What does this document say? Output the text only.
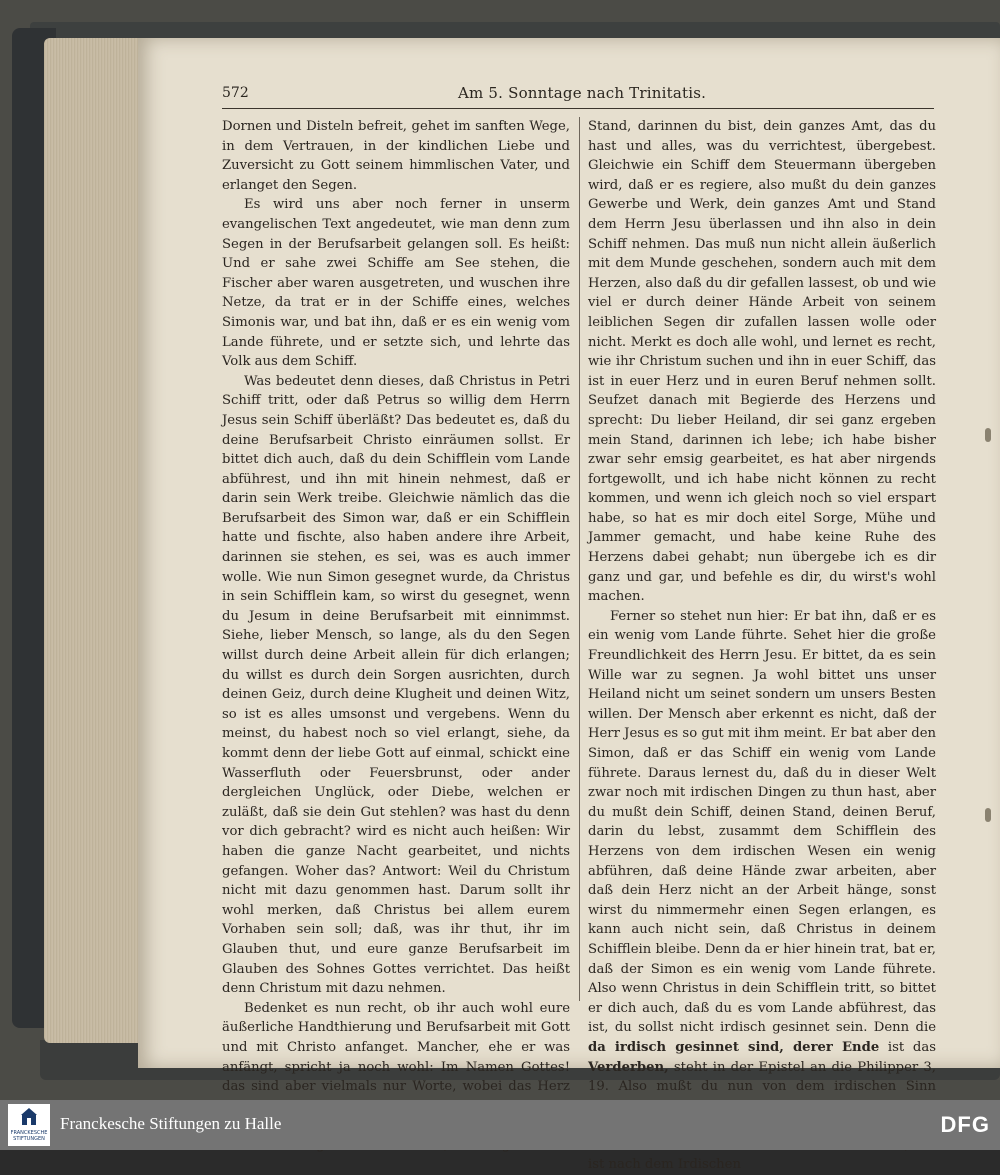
572	Am 5. Sonntage nach Trinitatis.

Dornen und Disteln befreit, gehet im sanften Wege, in dem Vertrauen, in der kindlichen Liebe und Zuversicht zu Gott seinem himmlischen Vater, und erlanget den Segen.

Es wird uns aber noch ferner in unserm evangelischen Text angedeutet, wie man denn zum Segen in der Berufsarbeit gelangen soll. Es heißt: Und er sahe zwei Schiffe am See stehen, die Fischer aber waren ausgetreten, und wuschen ihre Netze, da trat er in der Schiffe eines, welches Simonis war, und bat ihn, daß er es ein wenig vom Lande führete, und er setzte sich, und lehrte das Volk aus dem Schiff.

Was bedeutet denn dieses, daß Christus in Petri Schiff tritt, oder daß Petrus so willig dem Herrn Jesus sein Schiff überläßt? Das bedeutet es, daß du deine Berufsarbeit Christo einräumen sollst. Er bittet dich auch, daß du dein Schifflein vom Lande abführest, und ihn mit hinein nehmest, daß er darin sein Werk treibe. Gleichwie nämlich das die Berufsarbeit des Simon war, daß er ein Schifflein hatte und fischte, also haben andere ihre Arbeit, darinnen sie stehen, es sei, was es auch immer wolle. Wie nun Simon gesegnet wurde, da Christus in sein Schifflein kam, so wirst du gesegnet, wenn du Jesum in deine Berufsarbeit mit einnimmst. Siehe, lieber Mensch, so lange, als du den Segen willst durch deine Arbeit allein für dich erlangen; du willst es durch dein Sorgen ausrichten, durch deinen Geiz, durch deine Klugheit und deinen Witz, so ist es alles umsonst und vergebens. Wenn du meinst, du habest noch so viel erlangt, siehe, da kommt denn der liebe Gott auf einmal, schickt eine Wasserfluth oder Feuersbrunst, oder ander dergleichen Unglück, oder Diebe, welchen er zuläßt, daß sie dein Gut stehlen? was hast du denn vor dich gebracht? wird es nicht auch heißen: Wir haben die ganze Nacht gearbeitet, und nichts gefangen. Woher das? Antwort: Weil du Christum nicht mit dazu genommen hast. Darum sollt ihr wohl merken, daß Christus bei allem eurem Vorhaben sein soll; daß, was ihr thut, ihr im Glauben thut, und eure ganze Berufsarbeit im Glauben des Sohnes Gottes verrichtet. Das heißt denn Christum mit dazu nehmen.

Bedenket es nun recht, ob ihr auch wohl eure äußerliche Handthierung und Berufsarbeit mit Gott und mit Christo anfanget. Mancher, ehe er was anfängt, spricht ja noch wohl: Im Namen Gottes! das sind aber vielmals nur Worte, wobei das Herz

Stand, darinnen du bist, dein ganzes Amt, das du hast und alles, was du verrichtest, übergebest. Gleichwie ein Schiff dem Steuermann übergeben wird, daß er es regiere, also mußt du dein ganzes Gewerbe und Werk, dein ganzes Amt und Stand dem Herrn Jesu überlassen und ihn also in dein Schiff nehmen. Das muß nun nicht allein äußerlich mit dem Munde geschehen, sondern auch mit dem Herzen, also daß du dir gefallen lassest, ob und wie viel er durch deiner Hände Arbeit von seinem leiblichen Segen dir zufallen lassen wolle oder nicht. Merkt es doch alle wohl, und lernet es recht, wie ihr Christum suchen und ihn in euer Schiff, das ist in euer Herz und in euren Beruf nehmen sollt. Seufzet danach mit Begierde des Herzens und sprecht: Du lieber Heiland, dir sei ganz ergeben mein Stand, darinnen ich lebe; ich habe bisher zwar sehr emsig gearbeitet, es hat aber nirgends fortgewollt, und ich habe nicht können zu recht kommen, und wenn ich gleich noch so viel erspart habe, so hat es mir doch eitel Sorge, Mühe und Jammer gemacht, und habe keine Ruhe des Herzens dabei gehabt; nun übergebe ich es dir ganz und gar, und befehle es dir, du wirst's wohl machen.

Ferner so stehet nun hier: Er bat ihn, daß er es ein wenig vom Lande führte. Sehet hier die große Freundlichkeit des Herrn Jesu. Er bittet, da es sein Wille war zu segnen. Ja wohl bittet uns unser Heiland nicht um seinet sondern um unsers Besten willen. Der Mensch aber erkennt es nicht, daß der Herr Jesus es so gut mit ihm meint. Er bat aber den Simon, daß er das Schiff ein wenig vom Lande führete. Daraus lernest du, daß du in dieser Welt zwar noch mit irdischen Dingen zu thun hast, aber du mußt dein Schiff, deinen Stand, deinen Beruf, darin du lebst, zusammt dem Schifflein des Herzens von dem irdischen Wesen ein wenig abführen, daß deine Hände zwar arbeiten, aber daß dein Herz nicht an der Arbeit hänge, sonst wirst du nimmermehr einen Segen erlangen, es kann auch nicht sein, daß Christus in deinem Schifflein bleibe. Denn da er hier hinein trat, bat er, daß der Simon es ein wenig vom Lande führete. Also wenn Christus in dein Schifflein tritt, so bittet er dich auch, daß du es vom Lande abführest, das ist, du sollst nicht irdisch gesinnet sein. Denn die da irdisch gesinnet sind, derer Ende ist das Verderben, steht in der Epistel an die Philipper 3, 19. Also mußt du nun von dem irdischen Sinn ist nach dem Irdischen

FRANCKESCHE STIFTUNGEN
Franckesche Stiftungen zu Halle	DFG
